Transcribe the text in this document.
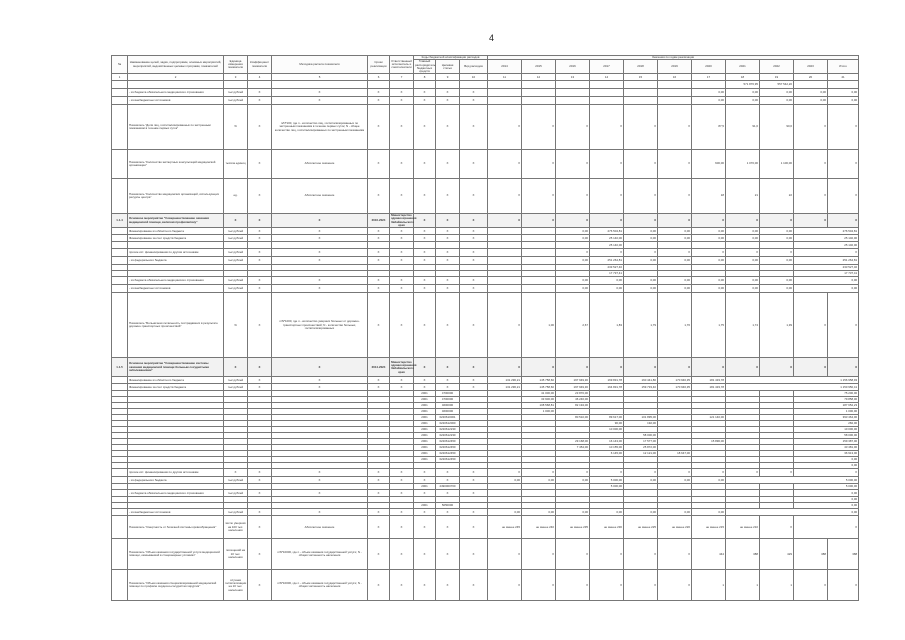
4
№	Наименование целей, задач, подпрограмм, основных мероприятий, мероприятий, ведомственных целевых программ, показателей	Единица измерения показателя	Коэффициент показателя	Методика расчета показателя	Сроки реализации	Ответственный исполнитель и соисполнители	Коды бюджетной классификации расходов			Значения по годам реализации											
							Главный распорядитель бюджетных средств	Целевая статья	Вид расходов	2014	2015	2016	2017	2018	2019	2020	2021	2022	2023	Итого	
1	2	3	4	5	6	7	8	9	10	11	12	13	14	15	16	17	18	19	20	21	
																	571 876,95	557 542,20			
	- из бюджета обязательного медицинского страхования	тыс.рублей	X	X	X	X	X	X	X							0,00	0,00	0,00	0,00	0,00	
	- из внебюджетных источников	тыс.рублей	X	X	X	X	X	X	X							0,00	0,00	0,00	0,00	0,00	
	Показатель "Доля лиц, госпитализированных по экстренным показаниям в течение первых суток"	%	X	n/N*100, где n - количество лиц, госпитализированных по экстренным показаниям в течение первых суток; N - общее количество лиц, госпитализированных по экстренным показаниям	X	X	X	X	X	X	X	X	X	X	X	87,5	91,6	90,6	X	X	
	Показатель "Количество экспертных консультаций медицинской организации"	тысяча единиц	X	Абсолютное значение	X	X	X	X	X	X	X	X	X	X	X	600,00	1 070,00	1 100,00	X	X	
	Показатель "Количество медицинских организаций, использующих ресурсы центра"	ед.	X	Абсолютное значение	X	X	X	X	X	X	X	X	X	X	X	18	21	22	X	X	
1.1.4	Основное мероприятие "Совершенствование оказания медицинской помощи, включая профилактику"	X	X	X	2016-2024	Министерство здравоохранения Забайкальского края	X	X	X	X	X	X	X	X	X	X	X	X	X	X	
	Финансирование из областного бюджета	тыс.рублей	X	X	X	X	X	X	X			0,00	276 504,81	0,00	0,00	0,00	0,00	0,00	276 504,81		
	Финансирование за счет средств бюджета	тыс.рублей	X	X	X	X	X	X	X			0,00	25 140,00	0,00	0,00	0,00	0,00	0,00	25 140,00		
													25 140,00						25 140,00		
	прочие ист. финансирования по другим источникам	тыс.рублей	X	X	X	X	X	X	X			X	X	X	X	X	X	X	X		
	- из федерального бюджета	тыс.рублей	X	X	X	X	X	X	X			0,00	251 264,81	0,00	0,00	0,00	0,00	0,00	251 264,81		
													233 527,40						233 527,40		
													17 737,41						17 737,41		
	- из бюджета обязательного медицинского страхования	тыс.рублей	X	X	X	X	X	X	X			0,00	0,00	0,00	0,00	0,00	0,00	0,00	0,00		
	- из внебюджетных источников	тыс.рублей	X	X	X	X	X	X	X			0,00	0,00	0,00	0,00	0,00	0,00	0,00	0,00		
	Показатель "Больничная летальность пострадавших в результате дорожно-транспортных происшествий"	%	X	n/N*1000, где n - количество умерших больных от дорожно-транспортных происшествий; N - количество больных, госпитализированных	X	X	X	X	X	X	1,00	2,67	1,83	1,79	1,76	1,75	1,74	1,39	X	X	
1.1.5	Основное мероприятие "Совершенствование системы оказания медицинской помощи больным сосудистыми заболеваниями"	X	X	X	2014-2024	Министерство здравоохранения Забайкальского края	X	X	X	X	X	X	X	X	X	X	X	X	X	X	
	Финансирование из областного бюджета	тыс.рублей	X	X	X	X	X	X	X	131 296,21	145 758,60	197 949,30	169 831,78	160 441,80	170 946,35	181 433,78	1 156 958,93				
	Финансирование за счет средств бюджета	тыс.рублей	X	X	X	X	X	X	X	131 296,21	145 758,60	197 949,30	164 831,78	159 733,40	170 946,35	181 433,78	1 150 950,41				
							2001	4700000			41 000,00	23 870,00							75 200,00		
							2001	4700000			33 900,00	46 246,00							79 858,00		
							2001	4600000			108 568,81	82 194,00							187 652,23		
							2001	4600000			1 000,00								1 000,00		
							2001	0220610001				80 510,00	89 617,00	101 895,00		121 140,00			393 464,00		
							2001	0220612000					90,00	192,00					282,00		
							2001	0220612230					10 000,00						10 000,00		
							2001	0220612230						58 000,00					58 000,00		
							2001	0220612450				29 168,00	16 143,00	17 577,00		15 896,00			159 387,00		
							2001	0220612450				7 454,00	10 155,00	25 872,00					43 481,00		
							2001	0220612450					6 145,00	12 121,00	18 647,00				36 913,00		
							2001	0220612450											0,00		
																			0,00		
	прочие ист. финансирования по другим источникам	X	X	X	X	X	X	X	X	X	X	X	X	X	X	X	X	X	X		
	- из федерального бюджета	тыс.рублей	X	X	X	X	X	X	X	0,00	0,00	0,00	5 000,00	0,00	0,00	0,00	5 000,00				
							2001	2490000700					5 000,00						5 000,00		
	- из бюджета обязательного медицинского страхования	тыс.рублей	X	X	X	X	X	X	X										0,00		
																			0,00		
							2001	5050000											0,00		
	- из внебюджетных источников	тыс.рублей	X	X	X	X	X	X	X	0,00	0,00	0,00	0,00	0,00	0,00	0,00	0,00				
	Показатель "Смертность от болезней системы кровообращения"	число умерших на 100 тыс. населения	X	Абсолютное значение	X	X	X	X	X	не менее 245	не менее 240	не менее 235	не менее 230	не менее 225	не менее 220	не менее 215	не менее 210	X	X		
	Показатель "Объем оказания государственной услуги медицинской помощи, оказываемой в стационарных условиях"	посещений на 10 тыс. населения	X	n/N*10000, где n - объем оказания государственной услуги; N - общая численность населения	X	X	X	X	X	X	X	X	X	X	X	444	388	429	388	388	
	Показатель "Объем оказания специализированной медицинской помощи по профилю сердечно-сосудистая хирургия"	случаев госпитализации на 10 тыс. населения	X	n/N*10000, где n - объем оказания государственной услуги; N - общая численность населения	X	X	X	X	X	X	X	X	X	X	X	1	1	1	X	X	
